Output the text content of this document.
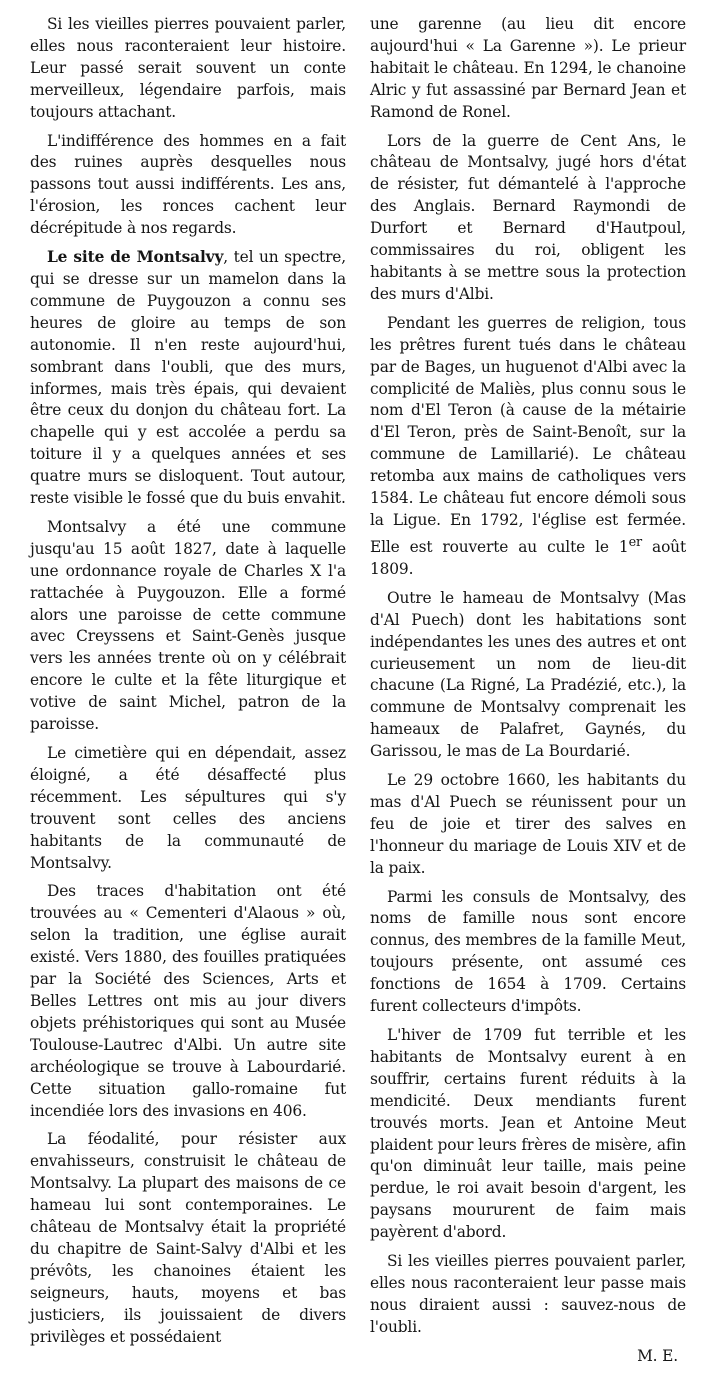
Si les vieilles pierres pouvaient parler, elles nous raconteraient leur histoire. Leur passé serait souvent un conte merveilleux, légendaire parfois, mais toujours attachant.

L'indifférence des hommes en a fait des ruines auprès desquelles nous passons tout aussi indifférents. Les ans, l'érosion, les ronces cachent leur décrépitude à nos regards.

Le site de Montsalvy, tel un spectre, qui se dresse sur un mamelon dans la commune de Puygouzon a connu ses heures de gloire au temps de son autonomie. Il n'en reste aujourd'hui, sombrant dans l'oubli, que des murs, informes, mais très épais, qui devaient être ceux du donjon du château fort. La chapelle qui y est accolée a perdu sa toiture il y a quelques années et ses quatre murs se disloquent. Tout autour, reste visible le fossé que du buis envahit.

Montsalvy a été une commune jusqu'au 15 août 1827, date à laquelle une ordonnance royale de Charles X l'a rattachée à Puygouzon. Elle a formé alors une paroisse de cette commune avec Creyssens et Saint-Genès jusque vers les années trente où on y célébrait encore le culte et la fête liturgique et votive de saint Michel, patron de la paroisse.

Le cimetière qui en dépendait, assez éloigné, a été désaffecté plus récemment. Les sépultures qui s'y trouvent sont celles des anciens habitants de la communauté de Montsalvy.

Des traces d'habitation ont été trouvées au « Cementeri d'Alaous » où, selon la tradition, une église aurait existé. Vers 1880, des fouilles pratiquées par la Société des Sciences, Arts et Belles Lettres ont mis au jour divers objets préhistoriques qui sont au Musée Toulouse-Lautrec d'Albi. Un autre site archéologique se trouve à Labourdarié. Cette situation gallo-romaine fut incendiée lors des invasions en 406.

La féodalité, pour résister aux envahisseurs, construisit le château de Montsalvy. La plupart des maisons de ce hameau lui sont contemporaines. Le château de Montsalvy était la propriété du chapitre de Saint-Salvy d'Albi et les prévôts, les chanoines étaient les seigneurs, hauts, moyens et bas justiciers, ils jouissaient de divers privilèges et possédaient

une garenne (au lieu dit encore aujourd'hui « La Garenne »). Le prieur habitait le château. En 1294, le chanoine Alric y fut assassiné par Bernard Jean et Ramond de Ronel.

Lors de la guerre de Cent Ans, le château de Montsalvy, jugé hors d'état de résister, fut démantelé à l'approche des Anglais. Bernard Raymondi de Durfort et Bernard d'Hautpoul, commissaires du roi, obligent les habitants à se mettre sous la protection des murs d'Albi.

Pendant les guerres de religion, tous les prêtres furent tués dans le château par de Bages, un huguenot d'Albi avec la complicité de Maliès, plus connu sous le nom d'El Teron (à cause de la métairie d'El Teron, près de Saint-Benoît, sur la commune de Lamillarié). Le château retomba aux mains de catholiques vers 1584. Le château fut encore démoli sous la Ligue. En 1792, l'église est fermée. Elle est rouverte au culte le 1er août 1809.

Outre le hameau de Montsalvy (Mas d'Al Puech) dont les habitations sont indépendantes les unes des autres et ont curieusement un nom de lieu-dit chacune (La Rigné, La Pradézié, etc.), la commune de Montsalvy comprenait les hameaux de Palafret, Gaynés, du Garissou, le mas de La Bourdarié.

Le 29 octobre 1660, les habitants du mas d'Al Puech se réunissent pour un feu de joie et tirer des salves en l'honneur du mariage de Louis XIV et de la paix.

Parmi les consuls de Montsalvy, des noms de famille nous sont encore connus, des membres de la famille Meut, toujours présente, ont assumé ces fonctions de 1654 à 1709. Certains furent collecteurs d'impôts.

L'hiver de 1709 fut terrible et les habitants de Montsalvy eurent à en souffrir, certains furent réduits à la mendicité. Deux mendiants furent trouvés morts. Jean et Antoine Meut plaident pour leurs frères de misère, afin qu'on diminuât leur taille, mais peine perdue, le roi avait besoin d'argent, les paysans moururent de faim mais payèrent d'abord.

Si les vieilles pierres pouvaient parler, elles nous raconteraient leur passe mais nous diraient aussi : sauvez-nous de l'oubli.

M. E.
